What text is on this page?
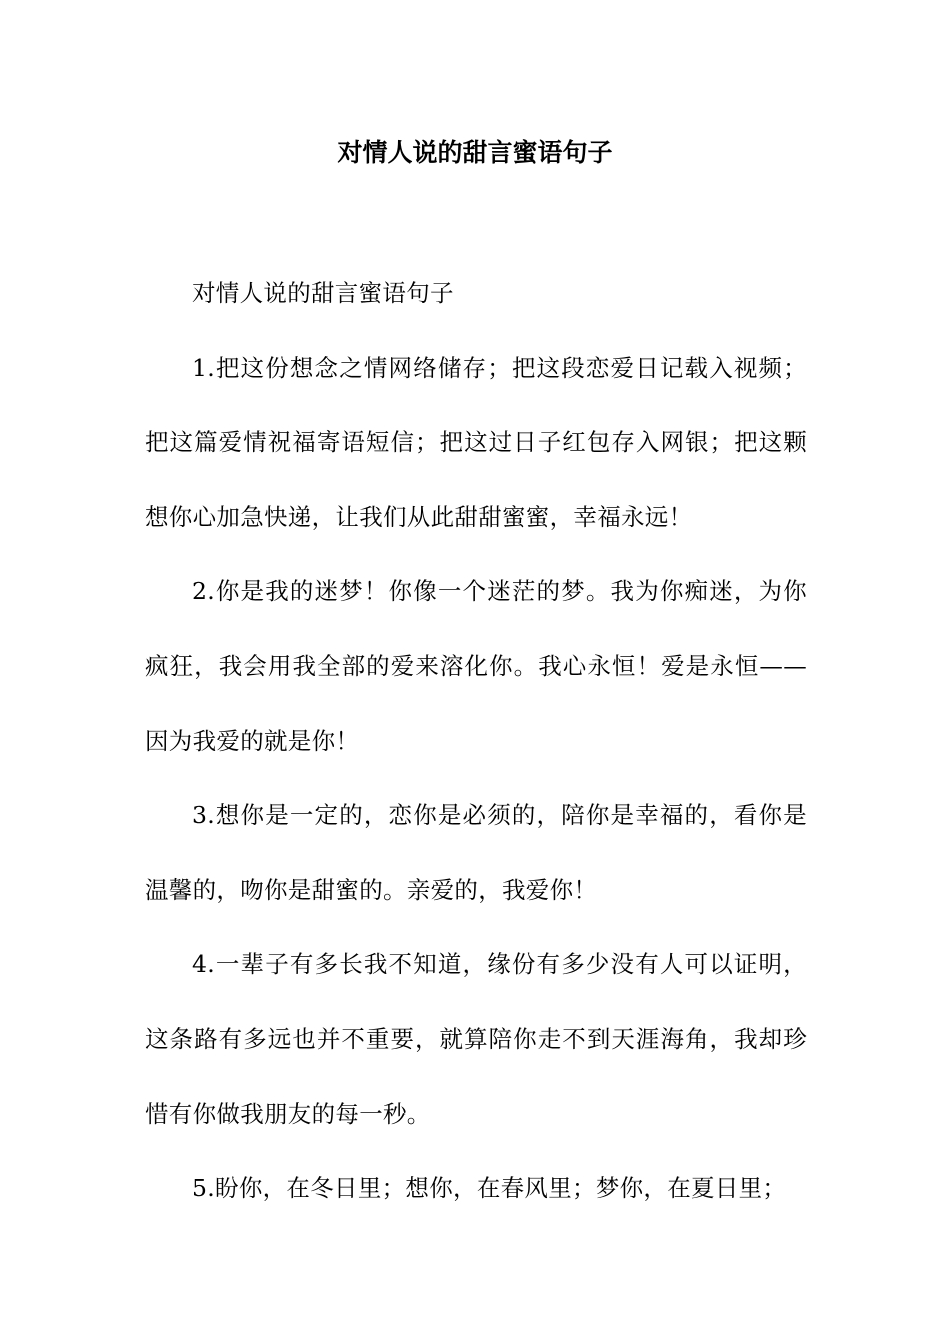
对情人说的甜言蜜语句子

对情人说的甜言蜜语句子

1.把这份想念之情网络储存；把这段恋爱日记载入视频；把这篇爱情祝福寄语短信；把这过日子红包存入网银；把这颗想你心加急快递，让我们从此甜甜蜜蜜，幸福永远！

2.你是我的迷梦！你像一个迷茫的梦。我为你痴迷，为你疯狂，我会用我全部的爱来溶化你。我心永恒！爱是永恒——因为我爱的就是你！

3.想你是一定的，恋你是必须的，陪你是幸福的，看你是温馨的，吻你是甜蜜的。亲爱的，我爱你！

4.一辈子有多长我不知道，缘份有多少没有人可以证明，这条路有多远也并不重要，就算陪你走不到天涯海角，我却珍惜有你做我朋友的每一秒。

5.盼你，在冬日里；想你，在春风里；梦你，在夏日里；
